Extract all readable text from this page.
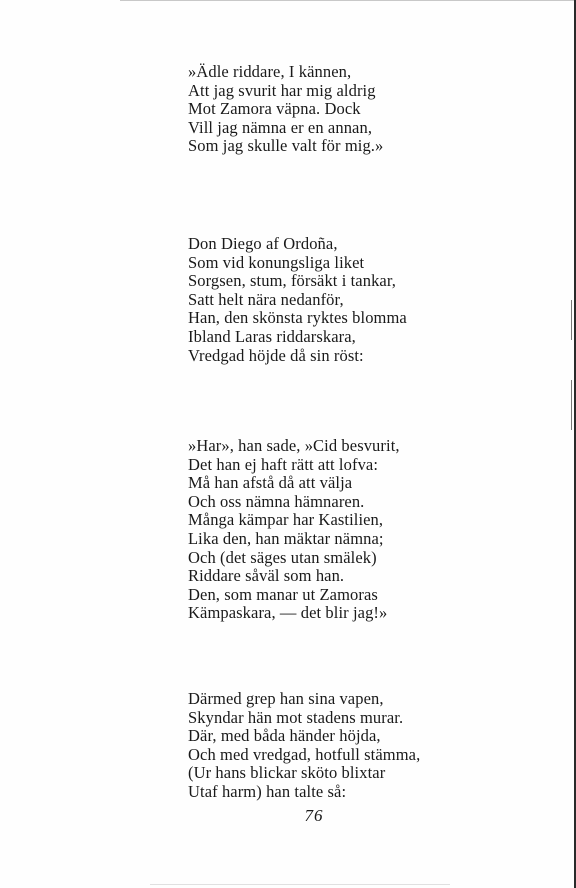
»Ädle riddare, I kännen,
Att jag svurit har mig aldrig
Mot Zamora väpna. Dock
Vill jag nämna er en annan,
Som jag skulle valt för mig.»
Don Diego af Ordoña,
Som vid konungsliga liket
Sorgsen, stum, försäkt i tankar,
Satt helt nära nedanför,
Han, den skönsta ryktes blomma
Ibland Laras riddarskara,
Vredgad höjde då sin röst:
»Har», han sade, »Cid besvurit,
Det han ej haft rätt att lofva:
Må han afstå då att välja
Och oss nämna hämnaren.
Många kämpar har Kastilien,
Lika den, han mäktar nämna;
Och (det säges utan smälek)
Riddare såväl som han.
Den, som manar ut Zamoras
Kämpaskara, — det blir jag!»
Därmed grep han sina vapen,
Skyndar hän mot stadens murar.
Där, med båda händer höjda,
Och med vredgad, hotfull stämma,
(Ur hans blickar sköto blixtar
Utaf harm) han talte så:
76
